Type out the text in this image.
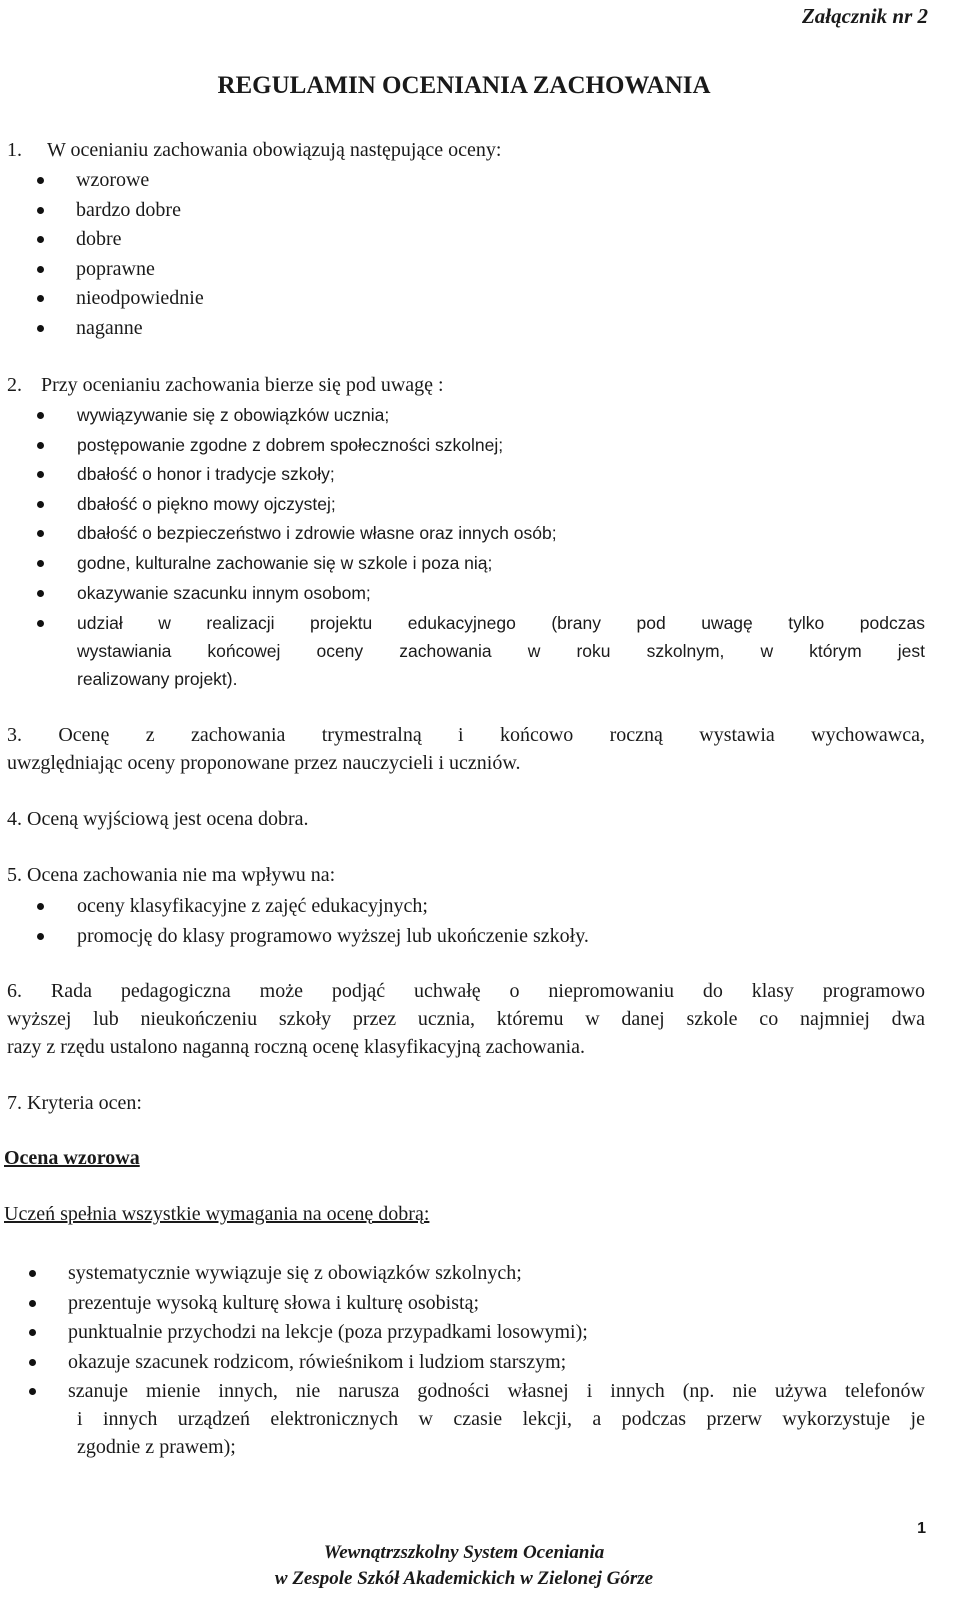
Załącznik nr 2
REGULAMIN OCENIANIA ZACHOWANIA
1. W ocenianiu zachowania obowiązują następujące oceny:
wzorowe
bardzo dobre
dobre
poprawne
nieodpowiednie
naganne
2. Przy ocenianiu zachowania bierze się pod uwagę :
wywiązywanie się z obowiązków ucznia;
postępowanie zgodne z dobrem społeczności szkolnej;
dbałość o honor i tradycje szkoły;
dbałość o piękno mowy ojczystej;
dbałość o bezpieczeństwo i zdrowie własne oraz innych osób;
godne, kulturalne zachowanie się w szkole i poza nią;
okazywanie szacunku innym osobom;
udział w realizacji projektu edukacyjnego (brany pod uwagę tylko podczas
wystawiania końcowej oceny zachowania w roku szkolnym, w którym jest
realizowany projekt).
3. Ocenę z zachowania trymestralną i końcowo roczną wystawia wychowawca,
uwzględniając oceny proponowane przez nauczycieli i uczniów.
4. Oceną wyjściową jest ocena dobra.
5. Ocena zachowania nie ma wpływu na:
oceny klasyfikacyjne z zajęć edukacyjnych;
promocję do klasy programowo wyższej lub ukończenie szkoły.
6. Rada pedagogiczna może podjąć uchwałę o niepromowaniu do klasy programowo
wyższej lub nieukończeniu szkoły przez ucznia, któremu w danej szkole co najmniej dwa
razy z rzędu ustalono naganną roczną ocenę klasyfikacyjną zachowania.
7. Kryteria ocen:
Ocena wzorowa
Uczeń spełnia wszystkie wymagania na ocenę dobrą:
systematycznie wywiązuje się z obowiązków szkolnych;
prezentuje wysoką kulturę słowa i kulturę osobistą;
punktualnie przychodzi na lekcje (poza przypadkami losowymi);
okazuje szacunek rodzicom, rówieśnikom i ludziom starszym;
szanuje mienie innych, nie narusza godności własnej i innych (np. nie używa telefonów
i innych urządzeń elektronicznych w czasie lekcji, a podczas przerw wykorzystuje je
zgodnie z prawem);
1
Wewnątrzszkolny System Oceniania
w Zespole Szkół Akademickich w Zielonej Górze
